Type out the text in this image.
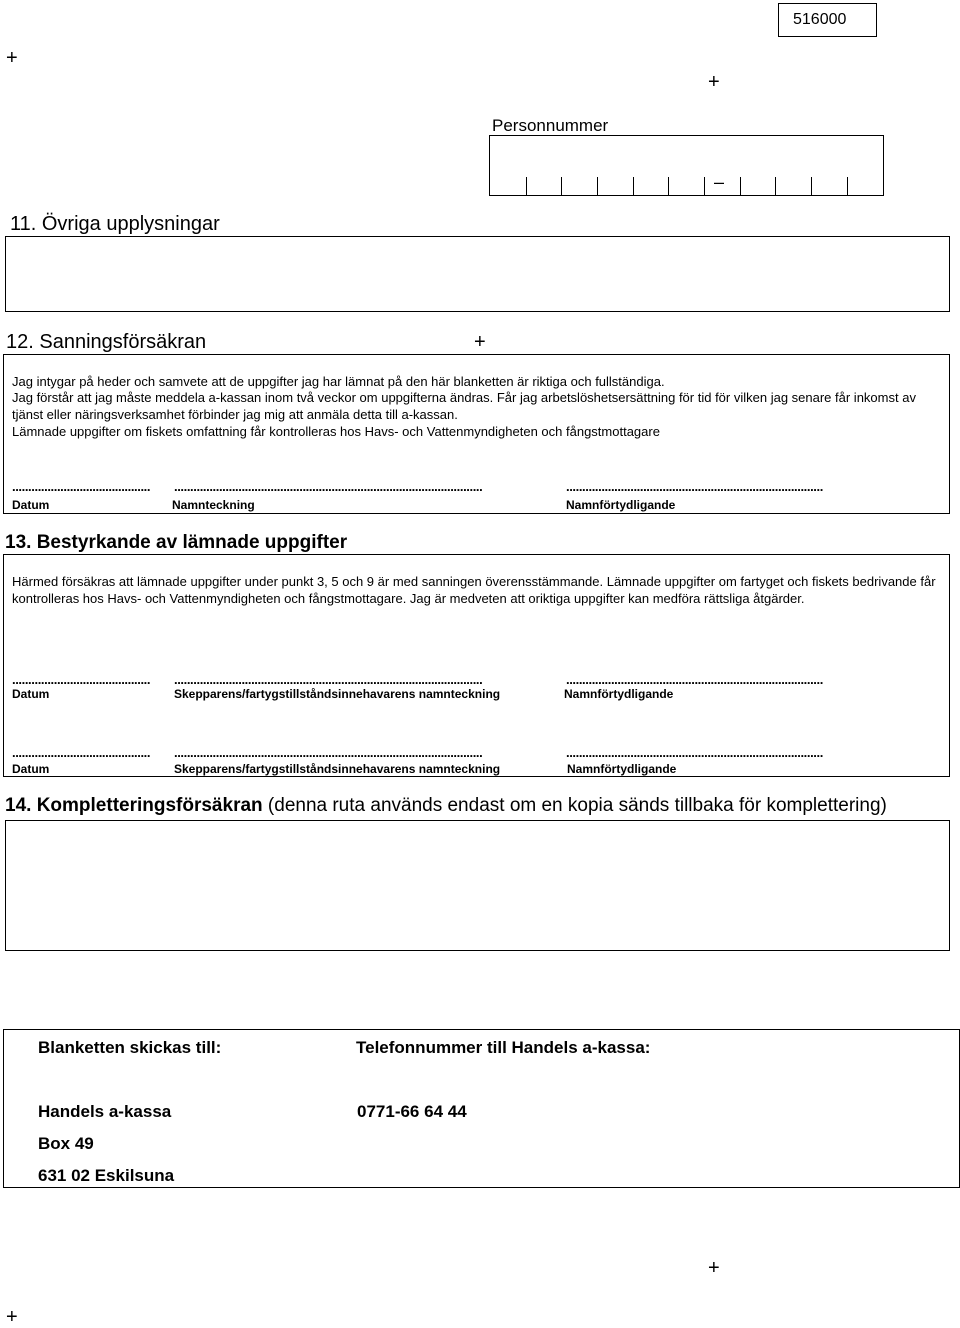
516000
+
+
+
+
+
Personnummer
–
11. Övriga upplysningar
12. Sanningsförsäkran
Jag intygar på heder och samvete att de uppgifter jag har lämnat på den här blanketten är riktiga och fullständiga.
Jag förstår att jag måste meddela a-kassan inom två veckor om uppgifterna ändras. Får jag arbetslöshetsersättning för tid för vilken jag senare får inkomst av tjänst eller näringsverksamhet förbinder jag mig att anmäla detta till a-kassan.
Lämnade uppgifter om fiskets omfattning får kontrolleras hos Havs- och Vattenmyndigheten och fångstmottagare
...........................................	................................................................................................	................................................................................
Datum	Namnteckning	Namnförtydligande
13. Bestyrkande av lämnade uppgifter
Härmed försäkras att lämnade uppgifter under punkt 3, 5 och 9 är med sanningen överensstämmande. Lämnade uppgifter om fartyget och fiskets bedrivande får kontrolleras hos Havs- och Vattenmyndigheten och fångstmottagare. Jag är medveten att oriktiga uppgifter kan medföra rättsliga åtgärder.
...........................................	................................................................................................	................................................................................
Datum	Skepparens/fartygstillståndsinnehavarens namnteckning	Namnförtydligande
...........................................	................................................................................................	................................................................................
Datum	Skepparens/fartygstillståndsinnehavarens namnteckning	Namnförtydligande
14. Kompletteringsförsäkran (denna ruta används endast om en kopia sänds tillbaka för komplettering)
Blanketten skickas till:	Telefonnummer till Handels a-kassa:
Handels a-kassa	0771-66 64 44
Box 49
631 02 Eskilsuna
